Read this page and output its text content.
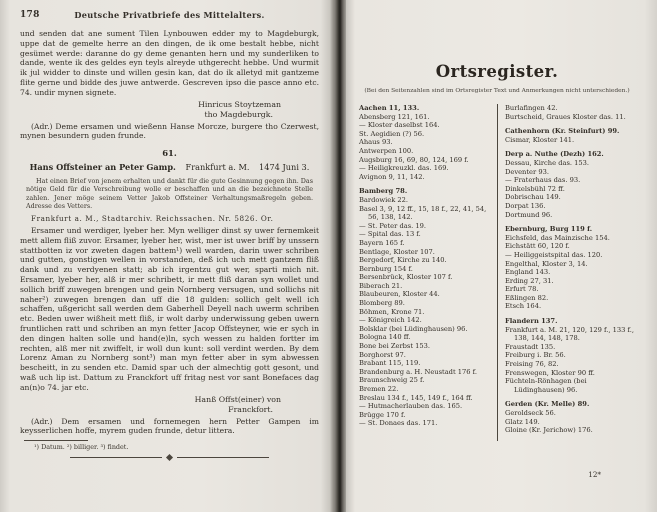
178	Deutsche Privatbriefe des Mittelalters.

und senden dat ane sument Tilen Lynbouwen edder my to Magdeburgk, uppe dat de gemelte herre an den dingen, de ik ome bestalt hebbe, nicht gesümet werde: daranne do gy deme genanten hern und my sunderliken to dande, wente ik des geldes eyn teyls alreyde uthgerecht hebbe. Und wurmit ik jul widder to dinste und willen gesin kan, dat do ik alletyd mit gantzeme flite gerne und bidde des juwe antwerde. Gescreven ipso die pasce anno etc. 74. undir mynen signete.

Hinricus Stoytzeman
tho Magdeburgk.

(Adr.) Deme ersamen und wießenn Hanse Morcze, burgere tho Czerwest, mynen besundern guden frunde.

61.
Hans Offsteiner an Peter Gamp. Frankfurt a. M. 1474 Juni 3.

Hat einen Brief von jenem erhalten und dankt für die gute Gesinnung gegen ihn. Das nötige Geld für die Verschreibung wolle er beschaffen und an die bezeichnete Stelle zahlen. Jener möge seinem Vetter Jakob Offsteiner Verhaltungsmaßregeln geben. Adresse des Vetters.

Frankfurt a. M., Stadtarchiv. Reichssachen. Nr. 5826. Or.

Ersamer und werdiger, lyeber her. Myn welliger dinst sy uwer fernemkeit mett allem fliß zuvor. Ersamer, lyeber her, wist, mer ist uwer briff by unssern stattbotten iz vor zweten dagen battem¹) well warden, darin uwer schriben und gutten, gonstigen wellen in vorstanden, deß ich uch mett gantzem fliß dank und zu verdyenen statt; ab ich irgentzu gut wer, sparti mich nit. Ersamer, lyeber her, alß ir mer schribett, ir mett fliß daran syn wollet und sollich briff zuwegen brengen und gein Nornberg versugen, und sollichs nit naher²) zuwegen brengen dan uff die 18 gulden: sollich gelt well ich schaffen, ußgericht sall werden dem Gaberhell Deyell nach uwerm schriben etc. Beden uwer wißheit mett fliß, ir wolt darby underwissung geben uwern fruntlichen ratt und schriben an myn fetter Jacop Offsteyner, wie er sych in den dingen halten solle und hand(e)ln, sych wessen zu halden fortter im rechten, alß mer nit zwiffelt, ir woll dun kunt: soll verdint werden. By dem Lorenz Aman zu Nornberg sont³) man myn fetter aber in sym abwessen bescheitt, in zu senden etc. Damid spar uch der almechtig gott gesont, und waß uch lip ist. Dattum zu Franckfort uff fritag nest vor sant Bonefaces dag an(n)o 74. jar etc.

Hanß Offst(einer) von
Franckfort.

(Adr.) Dem ersamen und fornemegen hern Petter Gampen im keysserlichen hoffe, myrem guden frunde, detur littera.

¹) Datum. ²) billiger. ³) findet.

Ortsregister.

(Bei den Seitenzahlen sind im Ortsregister Text und Anmerkungen nicht unterschieden.)

Aachen 11, 133.
Abensberg 121, 161.
— Kloster daselbst 164.
St. Aegidien (?) 56.
Ahaus 93.
Antwerpen 100.
Augsburg 16, 69, 80, 124, 169 f.
— Heiligkreuzkl. das. 169.
Avignon 9, 11, 142.
Bamberg 78.
Bardowiek 22.
Basel 3, 9, 12 ff., 15, 18 f., 22, 41, 54, 56, 138, 142.
— St. Peter das. 19.
— Spital das. 13 f.
Bayern 165 f.
Bentlage, Kloster 107.
Bergedorf, Kirche zu 140.
Bernburg 154 f.
Bersenbrück, Kloster 107 f.
Biberach 21.
Blaubeuren, Kloster 44.
Blomberg 89.
Böhmen, Krone 71.
— Königreich 142.
Bolsklar (bei Lüdinghausen) 96.
Bologna 140 ff.
Bone bei Zerbst 153.
Borghorst 97.
Brabant 115, 119.
Brandenburg a. H. Neustadt 176 f.
Braunschweig 25 f.
Bremen 22.
Breslau 134 f., 145, 149 f., 164 ff.
— Hutmacherlauben das. 165.
Brügge 170 f.
— St. Donaes das. 171.
Burlafingen 42.
Burtscheid, Graues Kloster das. 11.
Cathenhorn (Kr. Steinfurt) 99.
Cismar, Kloster 141.
Derp a. Nuthe (Dezh) 162.
Dessau, Kirche das. 153.
Deventer 93.
— Fraterhaus das. 93.
Dinkelsbühl 72 ff.
Dobrischau 149.
Dorpat 136.
Dortmund 96.
Ebernburg, Burg 119 f.
Eichsfeld, das Mainzische 154.
Eichstätt 60, 120 f.
— Heiliggeistspital das. 120.
Engelthal, Kloster 3, 14.
England 143.
Erding 27, 31.
Erfurt 78.
Eßlingen 82.
Etsch 164.
Flandern 137.
Frankfurt a. M. 21, 120, 129 f., 133 f., 138, 144, 148, 178.
Fraustadt 135.
Freiburg i. Br. 56.
Freising 76, 82.
Frenswegen, Kloster 90 ff.
Füchteln-Rönhagen (bei Lüdinghausen) 96.
Gerden (Kr. Melle) 89.
Geroldseck 56.
Glatz 149.
Gloine (Kr. Jerichow) 176.
12*
